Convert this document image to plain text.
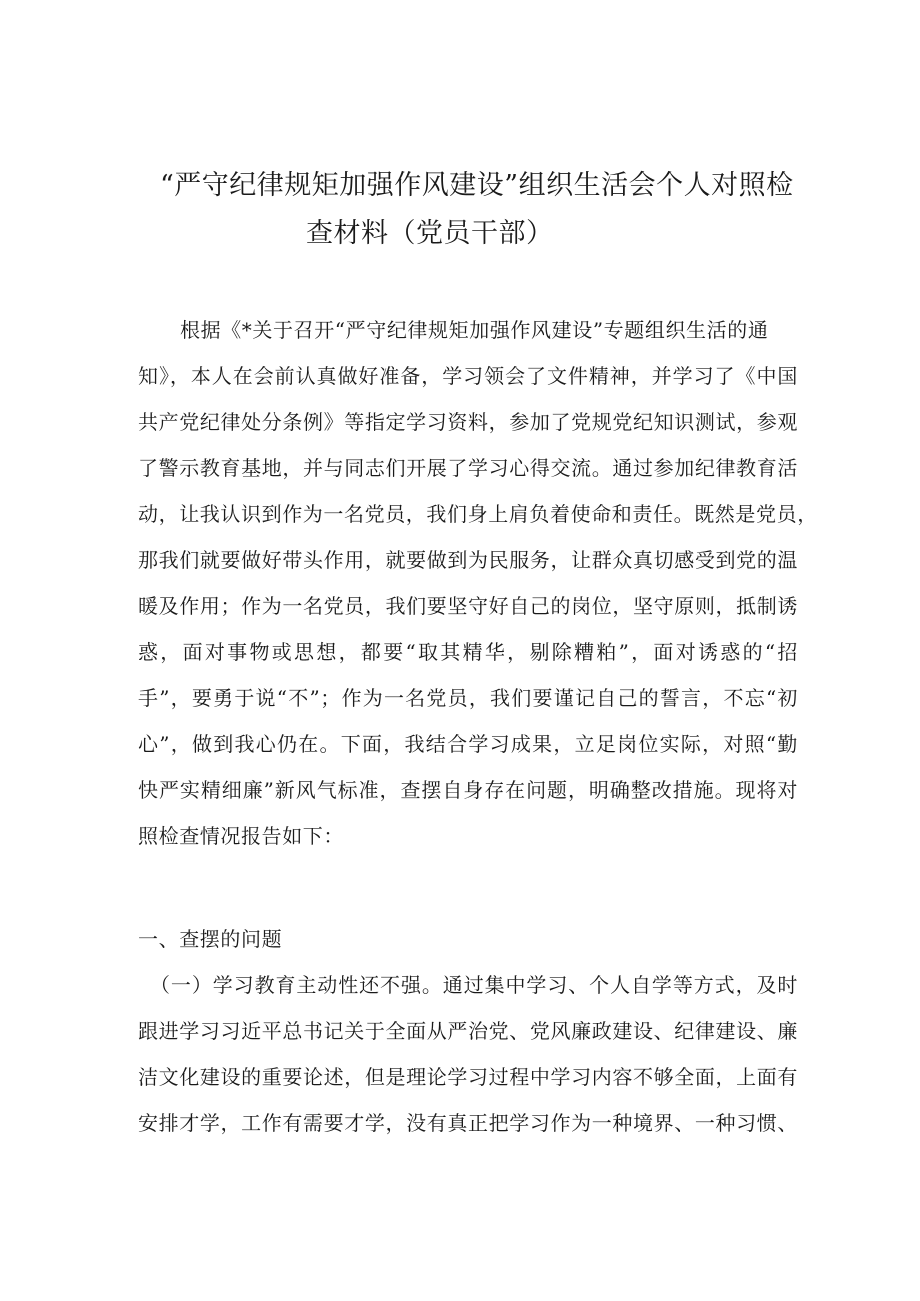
“严守纪律规矩加强作风建设”组织生活会个人对照检
查材料（党员干部）
根据《*关于召开“严守纪律规矩加强作风建设”专题组织生活的通
知》，本人在会前认真做好准备，学习领会了文件精神，并学习了《中国
共产党纪律处分条例》等指定学习资料，参加了党规党纪知识测试，参观
了警示教育基地，并与同志们开展了学习心得交流。通过参加纪律教育活
动，让我认识到作为一名党员，我们身上肩负着使命和责任。既然是党员，
那我们就要做好带头作用，就要做到为民服务，让群众真切感受到党的温
暖及作用；作为一名党员，我们要坚守好自己的岗位，坚守原则，抵制诱
惑，面对事物或思想，都要“取其精华，剔除糟粕”，面对诱惑的“招
手”，要勇于说“不”；作为一名党员，我们要谨记自己的誓言，不忘“初
心”，做到我心仍在。下面，我结合学习成果，立足岗位实际，对照“勤
快严实精细廉”新风气标准，查摆自身存在问题，明确整改措施。现将对
照检查情况报告如下：
一、查摆的问题
（一）学习教育主动性还不强。通过集中学习、个人自学等方式，及时
跟进学习习近平总书记关于全面从严治党、党风廉政建设、纪律建设、廉
洁文化建设的重要论述，但是理论学习过程中学习内容不够全面，上面有
安排才学，工作有需要才学，没有真正把学习作为一种境界、一种习惯、
